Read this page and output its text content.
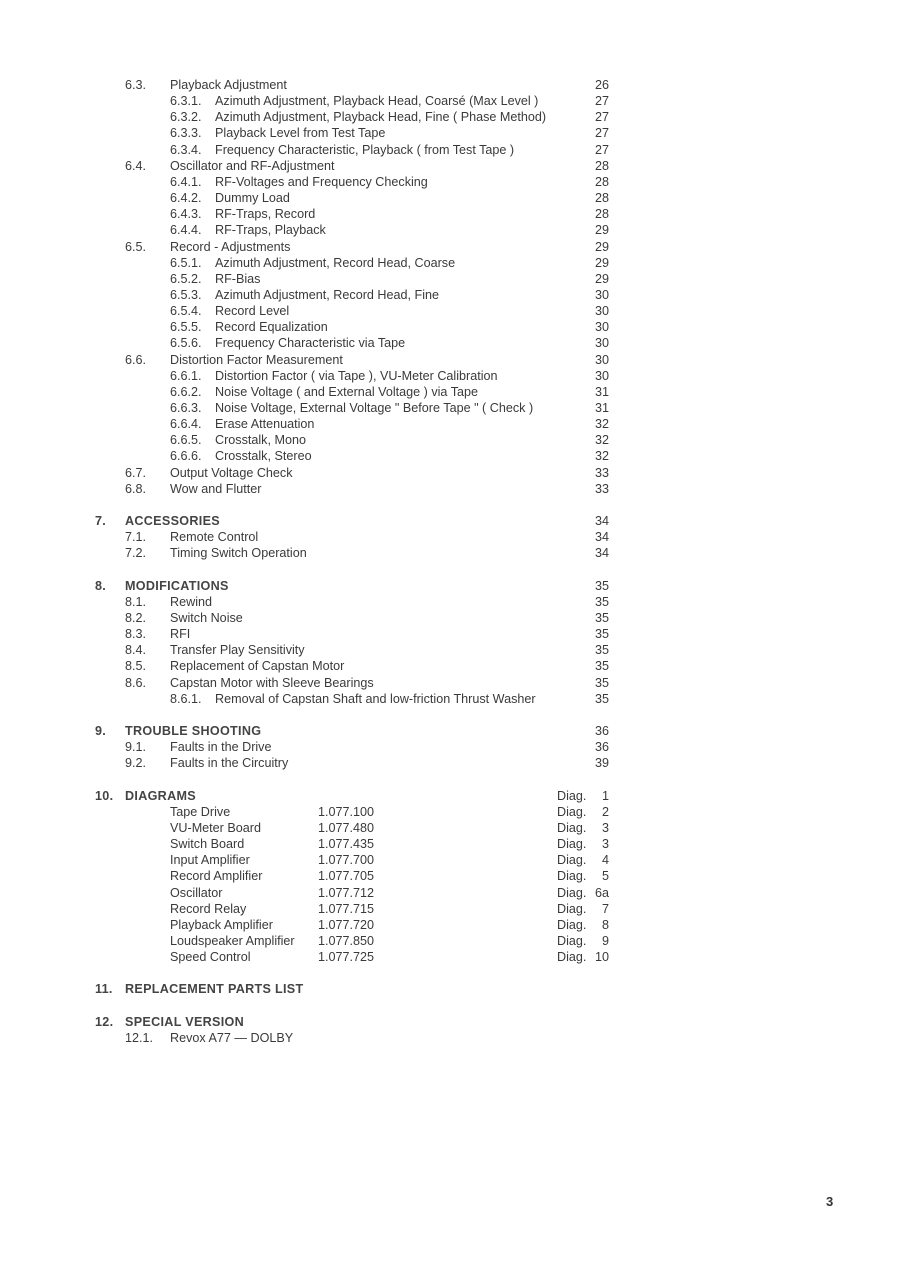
6.3. Playback Adjustment	26
6.3.1. Azimuth Adjustment, Playback Head, Coarsé (Max Level )	27
6.3.2. Azimuth Adjustment, Playback Head, Fine ( Phase Method)	27
6.3.3. Playback Level from Test Tape	27
6.3.4. Frequency Characteristic, Playback ( from Test Tape )	27
6.4. Oscillator and RF-Adjustment	28
6.4.1. RF-Voltages and Frequency Checking	28
6.4.2. Dummy Load	28
6.4.3. RF-Traps, Record	28
6.4.4. RF-Traps, Playback	29
6.5. Record - Adjustments	29
6.5.1. Azimuth Adjustment, Record Head, Coarse	29
6.5.2. RF-Bias	29
6.5.3. Azimuth Adjustment, Record Head, Fine	30
6.5.4. Record Level	30
6.5.5. Record Equalization	30
6.5.6. Frequency Characteristic via Tape	30
6.6. Distortion Factor Measurement	30
6.6.1. Distortion Factor ( via Tape ), VU-Meter Calibration	30
6.6.2. Noise Voltage ( and External Voltage ) via Tape	31
6.6.3. Noise Voltage, External Voltage " Before Tape " ( Check )	31
6.6.4. Erase Attenuation	32
6.6.5. Crosstalk, Mono	32
6.6.6. Crosstalk, Stereo	32
6.7. Output Voltage Check	33
6.8. Wow and Flutter	33
7. ACCESSORIES	34
7.1. Remote Control	34
7.2. Timing Switch Operation	34
8. MODIFICATIONS	35
8.1. Rewind	35
8.2. Switch Noise	35
8.3. RFI	35
8.4. Transfer Play Sensitivity	35
8.5. Replacement of Capstan Motor	35
8.6. Capstan Motor with Sleeve Bearings	35
8.6.1. Removal of Capstan Shaft and low-friction Thrust Washer	35
9. TROUBLE SHOOTING	36
9.1. Faults in the Drive	36
9.2. Faults in the Circuitry	39
10. DIAGRAMS	Diag.	1
Tape Drive	1.077.100	Diag.	2
VU-Meter Board	1.077.480	Diag.	3
Switch Board	1.077.435	Diag.	3
Input Amplifier	1.077.700	Diag.	4
Record Amplifier	1.077.705	Diag.	5
Oscillator	1.077.712	Diag. 6a
Record Relay	1.077.715	Diag.	7
Playback Amplifier	1.077.720	Diag.	8
Loudspeaker Amplifier 1.077.850	Diag.	9
Speed Control	1.077.725	Diag. 10
11. REPLACEMENT PARTS LIST
12. SPECIAL VERSION
12.1. Revox A77 — DOLBY
3
